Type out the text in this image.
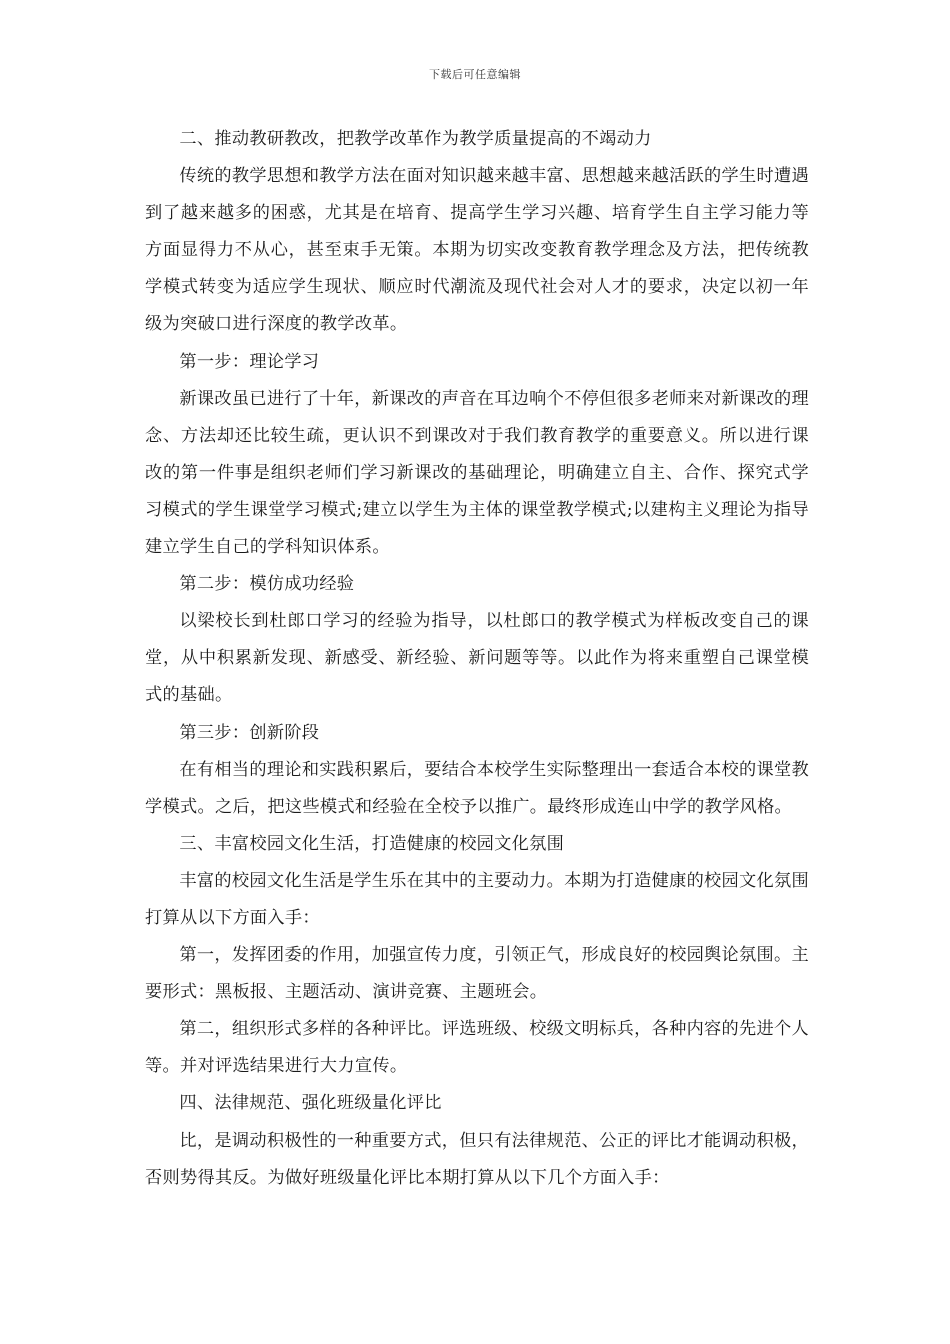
下载后可任意编辑

二、推动教研教改，把教学改革作为教学质量提高的不竭动力

传统的教学思想和教学方法在面对知识越来越丰富、思想越来越活跃的学生时遭遇到了越来越多的困惑，尤其是在培育、提高学生学习兴趣、培育学生自主学习能力等方面显得力不从心，甚至束手无策。本期为切实改变教育教学理念及方法，把传统教学模式转变为适应学生现状、顺应时代潮流及现代社会对人才的要求，决定以初一年级为突破口进行深度的教学改革。

第一步：理论学习

新课改虽已进行了十年，新课改的声音在耳边响个不停但很多老师来对新课改的理念、方法却还比较生疏，更认识不到课改对于我们教育教学的重要意义。所以进行课改的第一件事是组织老师们学习新课改的基础理论，明确建立自主、合作、探究式学习模式的学生课堂学习模式;建立以学生为主体的课堂教学模式;以建构主义理论为指导建立学生自己的学科知识体系。

第二步：模仿成功经验

以梁校长到杜郎口学习的经验为指导，以杜郎口的教学模式为样板改变自己的课堂，从中积累新发现、新感受、新经验、新问题等等。以此作为将来重塑自己课堂模式的基础。

第三步：创新阶段

在有相当的理论和实践积累后，要结合本校学生实际整理出一套适合本校的课堂教学模式。之后，把这些模式和经验在全校予以推广。最终形成连山中学的教学风格。

三、丰富校园文化生活，打造健康的校园文化氛围

丰富的校园文化生活是学生乐在其中的主要动力。本期为打造健康的校园文化氛围打算从以下方面入手：

第一，发挥团委的作用，加强宣传力度，引领正气，形成良好的校园舆论氛围。主要形式：黑板报、主题活动、演讲竞赛、主题班会。

第二，组织形式多样的各种评比。评选班级、校级文明标兵，各种内容的先进个人等。并对评选结果进行大力宣传。

四、法律规范、强化班级量化评比

比，是调动积极性的一种重要方式，但只有法律规范、公正的评比才能调动积极，否则势得其反。为做好班级量化评比本期打算从以下几个方面入手：
